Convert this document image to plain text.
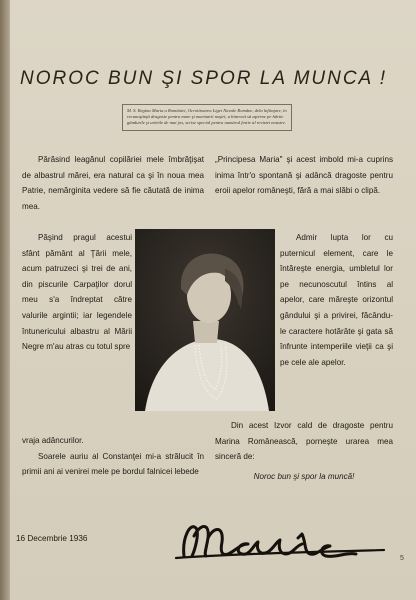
NOROC BUN ŞI SPOR LA MUNCA !
M. S. Regina Maria a României, Ocrotitoarea Ligei Navale Române, dela înfiinţare, în recunoştinţă dragoste pentru mare şi marinarii noştri, a binevoit să aşterne pe hârtie gândurile şi urările de mai jos, scrise special pentru numărul festiv al revistei noastre.

Părăsind leagănul copilăriei mele îmbrăţişat de albastrul mărei, era natural ca şi în noua mea Patrie, nemărginita vedere să fie căutată de inima mea.

Păşind pragul acestui sfânt pământ al Ţării mele, acum patruzeci şi trei de ani, din piscurile Carpaţilor dorul meu s'a îndreptat către valurile argintii; iar legendele întunericului albastru al Mării Negre m'au atras cu totul spre

vraja adâncurilor.

Soarele auriu al Constanţei mi-a strălucit în primii ani ai venirei mele pe bordul falnicei lebede

„Principesa Maria" şi acest imbold mi-a cuprins inima într'o spontană şi adâncă dragoste pentru eroii apelor româneşti, fără a mai slăbi o clipă.

Admir lupta lor cu puternicul element, care le întăreşte energia, umbletul lor pe necunoscutul întins al apelor, care măreşte orizontul gândului şi a privirei, făcându-le caractere hotărâte şi gata să înfrunte intemperiile vieţii ca şi pe cele ale apelor.

Din acest Izvor cald de dragoste pentru Marina Românească, pornește urarea mea sinceră de:

Noroc bun şi spor la muncă!

16 Decembrie 1936
5
